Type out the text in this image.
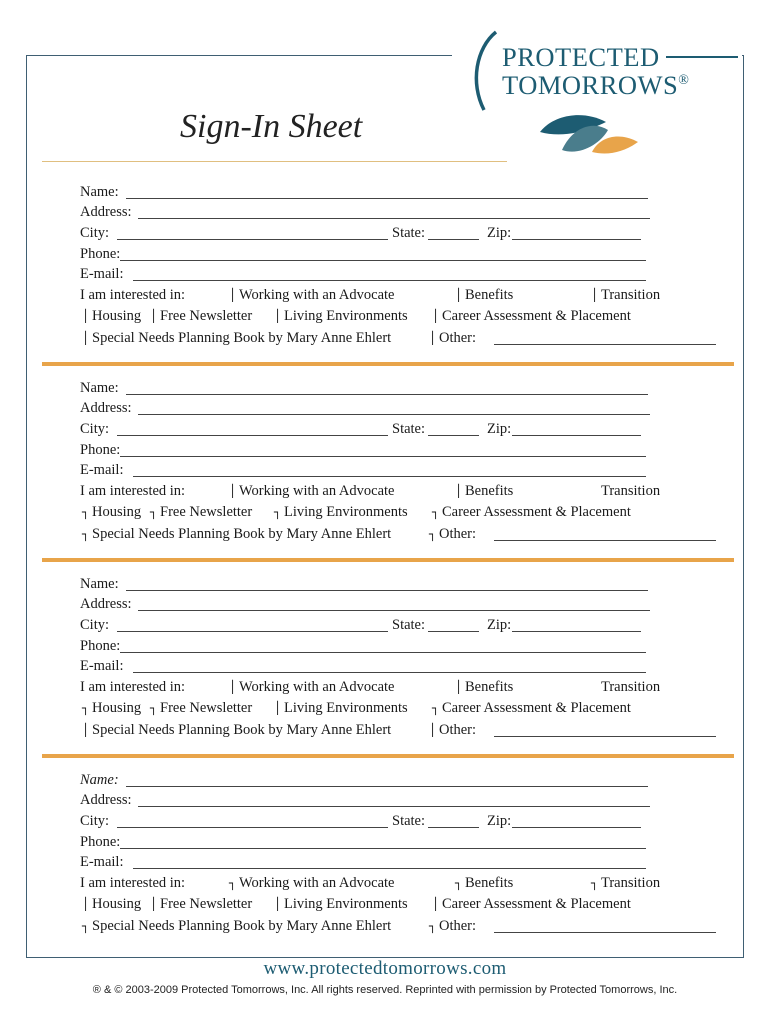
PROTECTED
TOMORROWS®
Sign-In Sheet
Name:
Address:
Phone:
E-mail:
City:	State:	Zip:
I am interested in:	│ Working with an Advocate	│ Benefits	│ Transition
│ Housing │ Free Newsletter │ Living Environments │ Career Assessment & Placement
│ Special Needs Planning Book by Mary Anne Ehlert	│ Other:
Name:
Address:
Phone:
E-mail:
City:	State:	Zip:
I am interested in:	│ Working with an Advocate	│ Benefits	Transition
┐ Housing ┐ Free Newsletter ┐ Living Environments ┐ Career Assessment & Placement
┐ Special Needs Planning Book by Mary Anne Ehlert	┐ Other:
Name:
Address:
Phone:
E-mail:
City:	State:	Zip:
I am interested in:	│ Working with an Advocate	│ Benefits	Transition
┐ Housing ┐ Free Newsletter │ Living Environments ┐ Career Assessment & Placement
│ Special Needs Planning Book by Mary Anne Ehlert	│ Other:
Name:
Address:
Phone:
E-mail:
City:	State:	Zip:
I am interested in:	┐ Working with an Advocate	┐ Benefits	┐ Transition
│ Housing │ Free Newsletter │ Living Environments │ Career Assessment & Placement
┐ Special Needs Planning Book by Mary Anne Ehlert	┐ Other:
www.protectedtomorrows.com
® & © 2003-2009 Protected Tomorrows, Inc. All rights reserved. Reprinted with permission by Protected Tomorrows, Inc.
